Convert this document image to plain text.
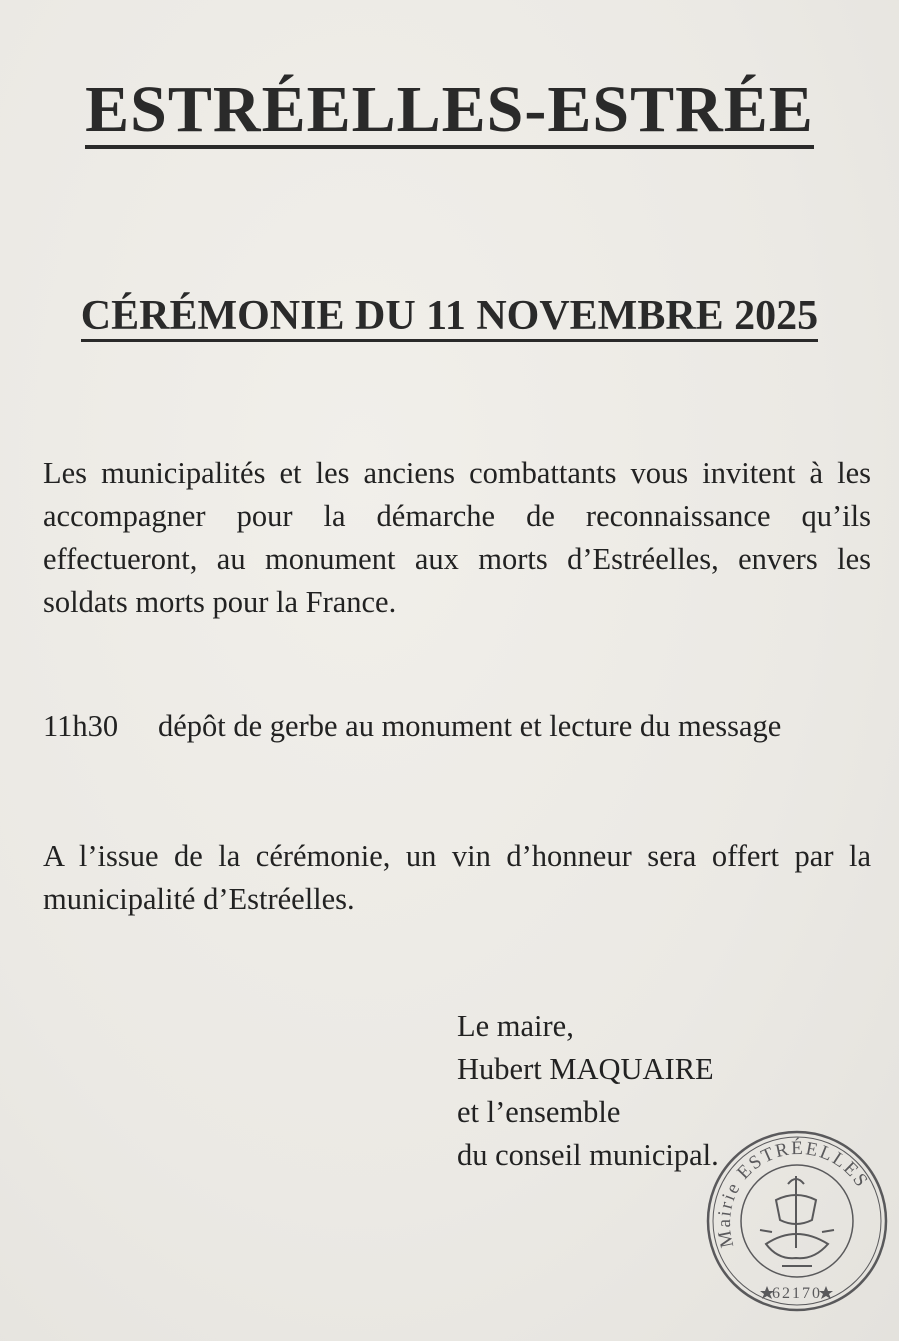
ESTRÉELLES-ESTRÉE
CÉRÉMONIE DU 11 NOVEMBRE 2025
Les municipalités et les anciens combattants vous invitent à les accompagner pour la démarche de reconnaissance qu’ils effectueront, au monument aux morts d’Estréelles, envers les soldats morts pour la France.
11h30	dépôt de gerbe au monument et lecture du message
A l’issue de la cérémonie, un vin d’honneur sera offert par la municipalité d’Estréelles.
Le maire,
Hubert MAQUAIRE
et l’ensemble
du conseil municipal.
Mairie ESTRÉELLES
62170
